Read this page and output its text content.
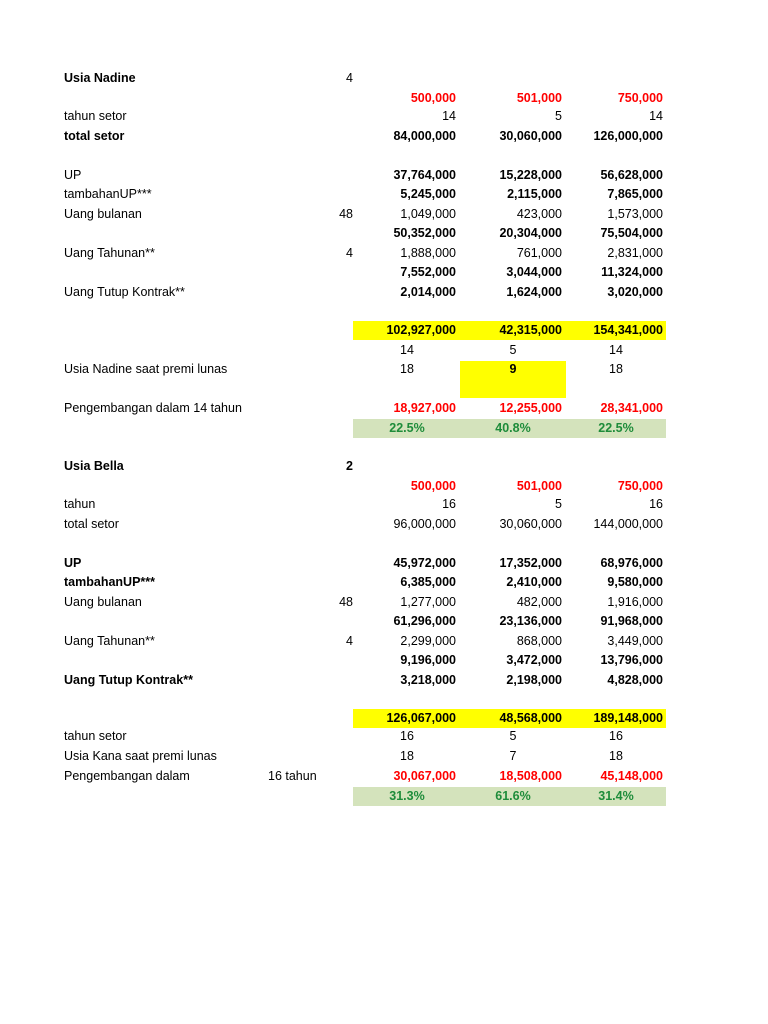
Usia Nadine	4
500,000	501,000	750,000
tahun setor	14	5	14
total setor	84,000,000	30,060,000	126,000,000
UP	37,764,000	15,228,000	56,628,000
tambahanUP***	5,245,000	2,115,000	7,865,000
Uang bulanan	48	1,049,000	423,000	1,573,000
50,352,000	20,304,000	75,504,000
Uang Tahunan**	4	1,888,000	761,000	2,831,000
7,552,000	3,044,000	11,324,000
Uang Tutup Kontrak**	2,014,000	1,624,000	3,020,000
102,927,000	42,315,000	154,341,000
14	5	14
Usia Nadine saat premi lunas	18	9	18
Pengembangan dalam 14 tahun	18,927,000	12,255,000	28,341,000
22.5%	40.8%	22.5%
Usia Bella	2
500,000	501,000	750,000
tahun	16	5	16
total setor	96,000,000	30,060,000	144,000,000
UP	45,972,000	17,352,000	68,976,000
tambahanUP***	6,385,000	2,410,000	9,580,000
Uang bulanan	48	1,277,000	482,000	1,916,000
61,296,000	23,136,000	91,968,000
Uang Tahunan**	4	2,299,000	868,000	3,449,000
9,196,000	3,472,000	13,796,000
Uang Tutup Kontrak**	3,218,000	2,198,000	4,828,000
126,067,000	48,568,000	189,148,000
tahun setor	16	5	16
Usia Kana saat premi lunas	18	7	18
Pengembangan dalam	16 tahun	30,067,000	18,508,000	45,148,000
31.3%	61.6%	31.4%
